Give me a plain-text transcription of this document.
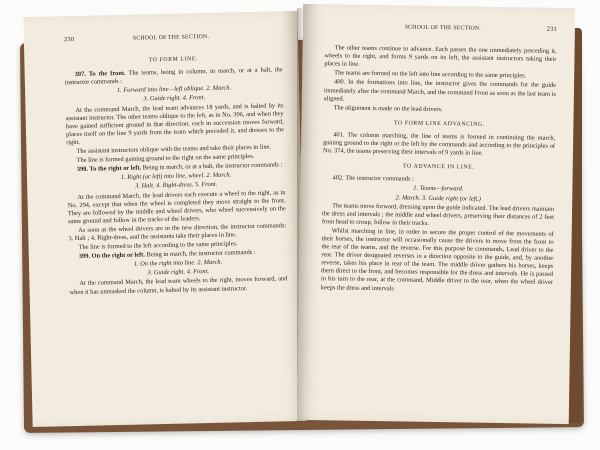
230	SCHOOL OF THE SECTION.
TO FORM LINE.

397. To the front. The teams, being in column, in march, or at a halt, the instructor commands :

1. Forward into line—left oblique. 2. March.
3. Guide right. 4. Front.

At the command March, the lead team advances 18 yards, and is halted by its assistant instructor. The other teams oblique to the left, as in No. 396, and when they have gained sufficient ground in that direction, each in succession moves forward, places itself on the line 9 yards from the team which preceded it, and dresses to the right.

The assistant instructors oblique with the teams and take their places in line.

The line is formed gaining ground to the right on the same principles.

398. To the right or left. Being in march, or at a halt, the instructor commands :

1. Right (or left) into line, wheel. 2. March.
3. Halt. 4. Right-dress. 5. Front.

At the command March, the lead drivers each execute a wheel to the right, as in No. 294, except that when the wheel is completed they move straight to the front. They are followed by the middle and wheel drivers, who wheel successively on the same ground and follow in the tracks of the leaders.

As soon as the wheel drivers are in the new direction, the instructor commands: 3. Halt ; 4. Right-dress, and the assistants take their places in line.

The line is formed to the left according to the same principles.

399. On the right or left. Being in march, the instructor commands :

1. On the right into line. 2. March.
3. Guide right. 4. Front.

At the command March, the lead team wheels to the right, moves forward, and when it has unmasked the column, is halted by its assistant instructor.

SCHOOL OF THE SECTION.	231

The other teams continue to advance. Each passes the one immediately preceding it, wheels to the right, and forms 9 yards on its left, the assistant instructors taking their places in line.

The teams are formed on the left into line according to the same principles.

400. In the formations into line, the instructor gives the commands for the guide immediately after the command March, and the command Front as soon as the last team is aligned.

The alignment is made on the lead drivers.

TO FORM LINE ADVANCING.

401. The column marching, the line of teams is formed in continuing the march, gaining ground to the right or the left by the commands and according to the principles of No. 374, the teams preserving their intervals of 9 yards in line.

TO ADVANCE IN LINE.

402. The instructor commands :

1. Teams—forward.
2. March. 3. Guide right (or left.)

The teams move forward, dressing upon the guide indicated. The lead drivers maintain the dress and intervals ; the middle and wheel drivers, preserving their distances of 2 feet from head to croup, follow in their tracks.

Whilst marching in line, in order to secure the proper control of the movements of their horses, the instructor will occasionally cause the drivers to move from the front to the rear of the teams, and the reverse. For this purpose he commands, Lead driver to the rear. The driver designated reverses in a direction opposite to the guide, and, by another reverse, takes his place in rear of the team. The middle driver gathers his horses, keeps them direct to the front, and becomes responsible for the dress and intervals. He is passed in his turn to the rear, at the command, Middle driver to the rear, when the wheel driver keeps the dress and intervals
